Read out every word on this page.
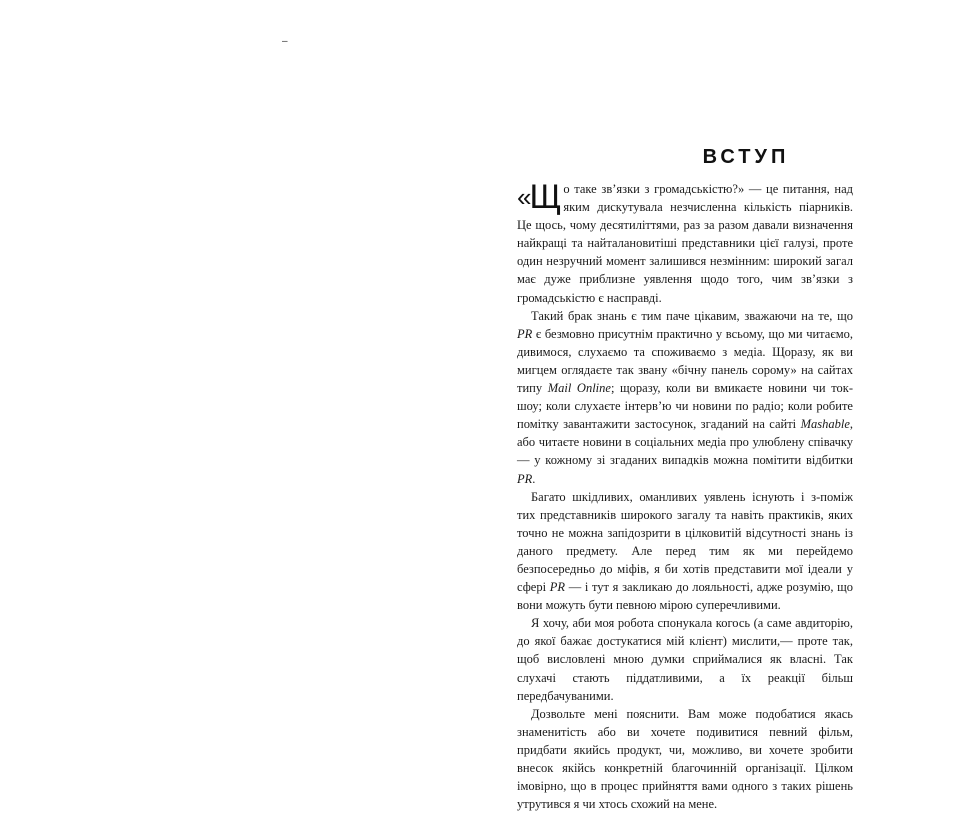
–
ВСТУП

«Щ о таке зв’язки з громадськістю?» — це питання, над яким дискутувала незчисленна кількість піарників. Це щось, чому десятиліттями, раз за разом давали визначення найкращі та найталановитіші представники цієї галузі, проте один незручний момент залишився незмінним: широкий загал має дуже приблизне уявлення щодо того, чим зв’язки з громадськістю є насправді.

Такий брак знань є тим паче цікавим, зважаючи на те, що PR є безмовно присутнім практично у всьому, що ми читаємо, дивимося, слухаємо та споживаємо з медіа. Щоразу, як ви мигцем оглядаєте так звану «бічну панель сорому» на сайтах типу Mail Online; щоразу, коли ви вмикаєте новини чи ток-шоу; коли слухаєте інтерв’ю чи новини по радіо; коли робите помітку завантажити застосунок, згаданий на сайті Mashable, або читаєте новини в соціальних медіа про улюблену співачку — у кожному зі згаданих випадків можна помітити відбитки PR.

Багато шкідливих, оманливих уявлень існують і з-поміж тих представників широкого загалу та навіть практиків, яких точно не можна запідозрити в цілковитій відсутності знань із даного предмету. Але перед тим як ми перейдемо безпосередньо до міфів, я би хотів представити мої ідеали у сфері PR — і тут я закликаю до лояльності, адже розумію, що вони можуть бути певною мірою суперечливими.

Я хочу, аби моя робота спонукала когось (а саме авдиторію, до якої бажає достукатися мій клієнт) мислити,— проте так, щоб висловлені мною думки сприймалися як власні. Так слухачі стають піддатливими, а їх реакції більш передбачуваними.

Дозвольте мені пояснити. Вам може подобатися якась знаменитість або ви хочете подивитися певний фільм, придбати якийсь продукт, чи, можливо, ви хочете зробити внесок якійсь конкретній благочинній організації. Цілком імовірно, що в процес прийняття вами одного з таких рішень утрутився я чи хтось схожий на мене.
